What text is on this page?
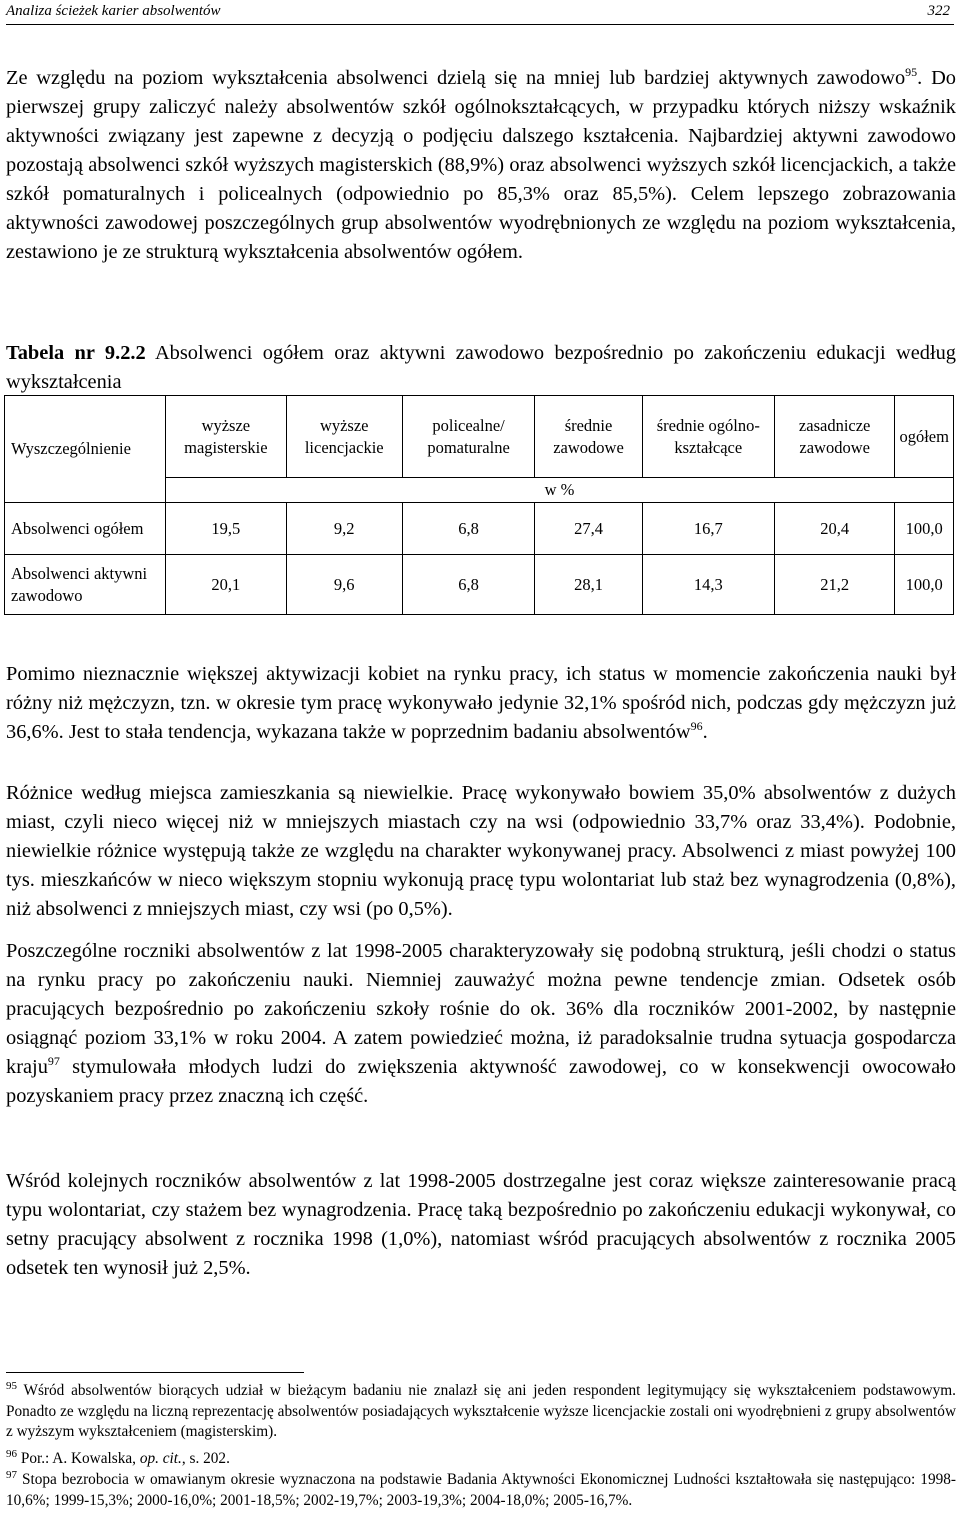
Analiza ścieżek karier absolwentów	322

Ze względu na poziom wykształcenia absolwenci dzielą się na mniej lub bardziej aktywnych zawodowo$^{95}$. Do pierwszej grupy zaliczyć należy absolwentów szkół ogólnokształcących, w przypadku których niższy wskaźnik aktywności związany jest zapewne z decyzją o podjęciu dalszego kształcenia. Najbardziej aktywni zawodowo pozostają absolwenci szkół wyższych magisterskich (88,9%) oraz absolwenci wyższych szkół licencjackich, a także szkół pomaturalnych i policealnych (odpowiednio po 85,3% oraz 85,5%). Celem lepszego zobrazowania aktywności zawodowej poszczególnych grup absolwentów wyodrębnionych ze względu na poziom wykształcenia, zestawiono je ze strukturą wykształcenia absolwentów ogółem.

Tabela nr 9.2.2 Absolwenci ogółem oraz aktywni zawodowo bezpośrednio po zakończeniu edukacji według wykształcenia

Wyszczególnienie	wyższe magisterskie	wyższe licencjackie	policealne/ pomaturalne	średnie zawodowe	średnie ogólno-kształcące	zasadnicze zawodowe	ogółem
	w %						
Absolwenci ogółem	19,5	9,2	6,8	27,4	16,7	20,4	100,0
Absolwenci aktywni zawodowo	20,1	9,6	6,8	28,1	14,3	21,2	100,0

Pomimo nieznacznie większej aktywizacji kobiet na rynku pracy, ich status w momencie zakończenia nauki był różny niż mężczyzn, tzn. w okresie tym pracę wykonywało jedynie 32,1% spośród nich, podczas gdy mężczyzn już 36,6%. Jest to stała tendencja, wykazana także w poprzednim badaniu absolwentów$^{96}$.

Różnice według miejsca zamieszkania są niewielkie. Pracę wykonywało bowiem 35,0% absolwentów z dużych miast, czyli nieco więcej niż w mniejszych miastach czy na wsi (odpowiednio 33,7% oraz 33,4%). Podobnie, niewielkie różnice występują także ze względu na charakter wykonywanej pracy. Absolwenci z miast powyżej 100 tys. mieszkańców w nieco większym stopniu wykonują pracę typu wolontariat lub staż bez wynagrodzenia (0,8%), niż absolwenci z mniejszych miast, czy wsi (po 0,5%).

Poszczególne roczniki absolwentów z lat 1998-2005 charakteryzowały się podobną strukturą, jeśli chodzi o status na rynku pracy po zakończeniu nauki. Niemniej zauważyć można pewne tendencje zmian. Odsetek osób pracujących bezpośrednio po zakończeniu szkoły rośnie do ok. 36% dla roczników 2001-2002, by następnie osiągnąć poziom 33,1% w roku 2004. A zatem powiedzieć można, iż paradoksalnie trudna sytuacja gospodarcza kraju$^{97}$ stymulowała młodych ludzi do zwiększenia aktywność zawodowej, co w konsekwencji owocowało pozyskaniem pracy przez znaczną ich część.

Wśród kolejnych roczników absolwentów z lat 1998-2005 dostrzegalne jest coraz większe zainteresowanie pracą typu wolontariat, czy stażem bez wynagrodzenia. Pracę taką bezpośrednio po zakończeniu edukacji wykonywał, co setny pracujący absolwent z rocznika 1998 (1,0%), natomiast wśród pracujących absolwentów z rocznika 2005 odsetek ten wynosił już 2,5%.

$^{95}$ Wśród absolwentów biorących udział w bieżącym badaniu nie znalazł się ani jeden respondent legitymujący się wykształceniem podstawowym. Ponadto ze względu na liczną reprezentację absolwentów posiadających wykształcenie wyższe licencjackie zostali oni wyodrębnieni z grupy absolwentów z wyższym wykształceniem (magisterskim).

$^{96}$ Por.: A. Kowalska, op. cit., s. 202.

$^{97}$ Stopa bezrobocia w omawianym okresie wyznaczona na podstawie Badania Aktywności Ekonomicznej Ludności kształtowała się następująco: 1998-10,6%; 1999-15,3%; 2000-16,0%; 2001-18,5%; 2002-19,7%; 2003-19,3%; 2004-18,0%; 2005-16,7%.
